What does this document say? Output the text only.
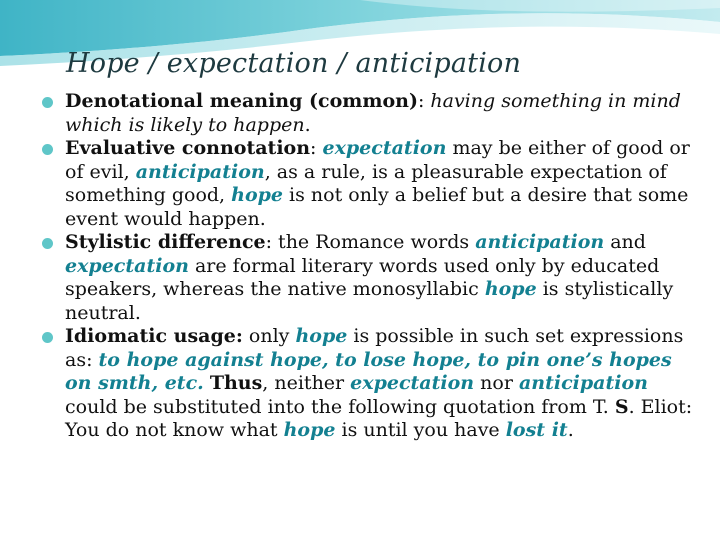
Hope / expectation / anticipation
Denotational meaning (common): having something in mind which is likely to happen.
Evaluative connotation: expectation may be either of good or of evil, anticipation, as a rule, is a pleasurable expectation of something good, hope is not only a belief but a desire that some event would happen.
Stylistic difference: the Romance words anticipation and expectation are formal literary words used only by educated speakers, whereas the native monosyllabic hope is stylistically neutral.
Idiomatic usage: only hope is possible in such set expressions as: to hope against hope, to lose hope, to pin one’s hopes on smth, etc. Thus, neither expectation nor anticipation could be substituted into the following quotation from T. S. Eliot: You do not know what hope is until you have lost it.
